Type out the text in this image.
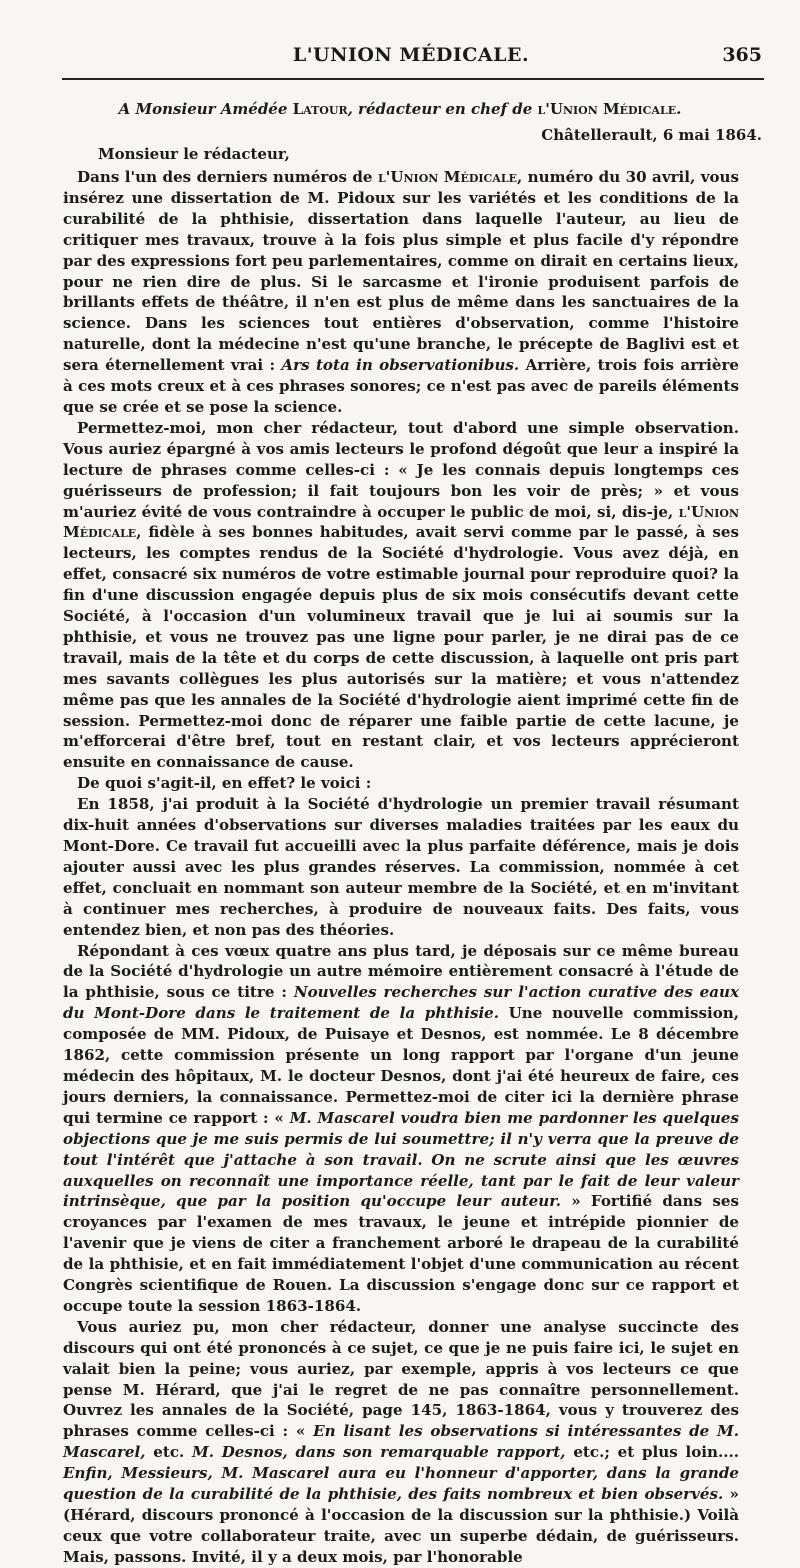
L'UNION MÉDICALE.	365
A Monsieur Amédée Latour, rédacteur en chef de l'Union Médicale.
Châtellerault, 6 mai 1864.
Monsieur le rédacteur,

Dans l'un des derniers numéros de l'Union Médicale, numéro du 30 avril, vous insérez une dissertation de M. Pidoux sur les variétés et les conditions de la curabilité de la phthisie, dissertation dans laquelle l'auteur, au lieu de critiquer mes travaux, trouve à la fois plus simple et plus facile d'y répondre par des expressions fort peu parlementaires, comme on dirait en certains lieux, pour ne rien dire de plus. Si le sarcasme et l'ironie produisent parfois de brillants effets de théâtre, il n'en est plus de même dans les sanctuaires de la science. Dans les sciences tout entières d'observation, comme l'histoire naturelle, dont la médecine n'est qu'une branche, le précepte de Baglivi est et sera éternellement vrai : Ars tota in observationibus. Arrière, trois fois arrière à ces mots creux et à ces phrases sonores; ce n'est pas avec de pareils éléments que se crée et se pose la science.

Permettez-moi, mon cher rédacteur, tout d'abord une simple observation. Vous auriez épargné à vos amis lecteurs le profond dégoût que leur a inspiré la lecture de phrases comme celles-ci : « Je les connais depuis longtemps ces guérisseurs de profession; il fait toujours bon les voir de près; » et vous m'auriez évité de vous contraindre à occuper le public de moi, si, dis-je, l'Union Médicale, fidèle à ses bonnes habitudes, avait servi comme par le passé, à ses lecteurs, les comptes rendus de la Société d'hydrologie. Vous avez déjà, en effet, consacré six numéros de votre estimable journal pour reproduire quoi? la fin d'une discussion engagée depuis plus de six mois consécutifs devant cette Société, à l'occasion d'un volumineux travail que je lui ai soumis sur la phthisie, et vous ne trouvez pas une ligne pour parler, je ne dirai pas de ce travail, mais de la tête et du corps de cette discussion, à laquelle ont pris part mes savants collègues les plus autorisés sur la matière; et vous n'attendez même pas que les annales de la Société d'hydrologie aient imprimé cette fin de session. Permettez-moi donc de réparer une faible partie de cette lacune, je m'efforcerai d'être bref, tout en restant clair, et vos lecteurs apprécieront ensuite en connaissance de cause.

De quoi s'agit-il, en effet? le voici :

En 1858, j'ai produit à la Société d'hydrologie un premier travail résumant dix-huit années d'observations sur diverses maladies traitées par les eaux du Mont-Dore. Ce travail fut accueilli avec la plus parfaite déférence, mais je dois ajouter aussi avec les plus grandes réserves. La commission, nommée à cet effet, concluait en nommant son auteur membre de la Société, et en m'invitant à continuer mes recherches, à produire de nouveaux faits. Des faits, vous entendez bien, et non pas des théories.

Répondant à ces vœux quatre ans plus tard, je déposais sur ce même bureau de la Société d'hydrologie un autre mémoire entièrement consacré à l'étude de la phthisie, sous ce titre : Nouvelles recherches sur l'action curative des eaux du Mont-Dore dans le traitement de la phthisie. Une nouvelle commission, composée de MM. Pidoux, de Puisaye et Desnos, est nommée. Le 8 décembre 1862, cette commission présente un long rapport par l'organe d'un jeune médecin des hôpitaux, M. le docteur Desnos, dont j'ai été heureux de faire, ces jours derniers, la connaissance. Permettez-moi de citer ici la dernière phrase qui termine ce rapport : « M. Mascarel voudra bien me pardonner les quelques objections que je me suis permis de lui soumettre; il n'y verra que la preuve de tout l'intérêt que j'attache à son travail. On ne scrute ainsi que les œuvres auxquelles on reconnaît une importance réelle, tant par le fait de leur valeur intrinsèque, que par la position qu'occupe leur auteur. » Fortifié dans ses croyances par l'examen de mes travaux, le jeune et intrépide pionnier de l'avenir que je viens de citer a franchement arboré le drapeau de la curabilité de la phthisie, et en fait immédiatement l'objet d'une communication au récent Congrès scientifique de Rouen. La discussion s'engage donc sur ce rapport et occupe toute la session 1863-1864.

Vous auriez pu, mon cher rédacteur, donner une analyse succincte des discours qui ont été prononcés à ce sujet, ce que je ne puis faire ici, le sujet en valait bien la peine; vous auriez, par exemple, appris à vos lecteurs ce que pense M. Hérard, que j'ai le regret de ne pas connaître personnellement. Ouvrez les annales de la Société, page 145, 1863-1864, vous y trouverez des phrases comme celles-ci : « En lisant les observations si intéressantes de M. Mascarel, etc. M. Desnos, dans son remarquable rapport, etc.; et plus loin.... Enfin, Messieurs, M. Mascarel aura eu l'honneur d'apporter, dans la grande question de la curabilité de la phthisie, des faits nombreux et bien observés. » (Hérard, discours prononcé à l'occasion de la discussion sur la phthisie.) Voilà ceux que votre collaborateur traite, avec un superbe dédain, de guérisseurs. Mais, passons. Invité, il y a deux mois, par l'honorable
